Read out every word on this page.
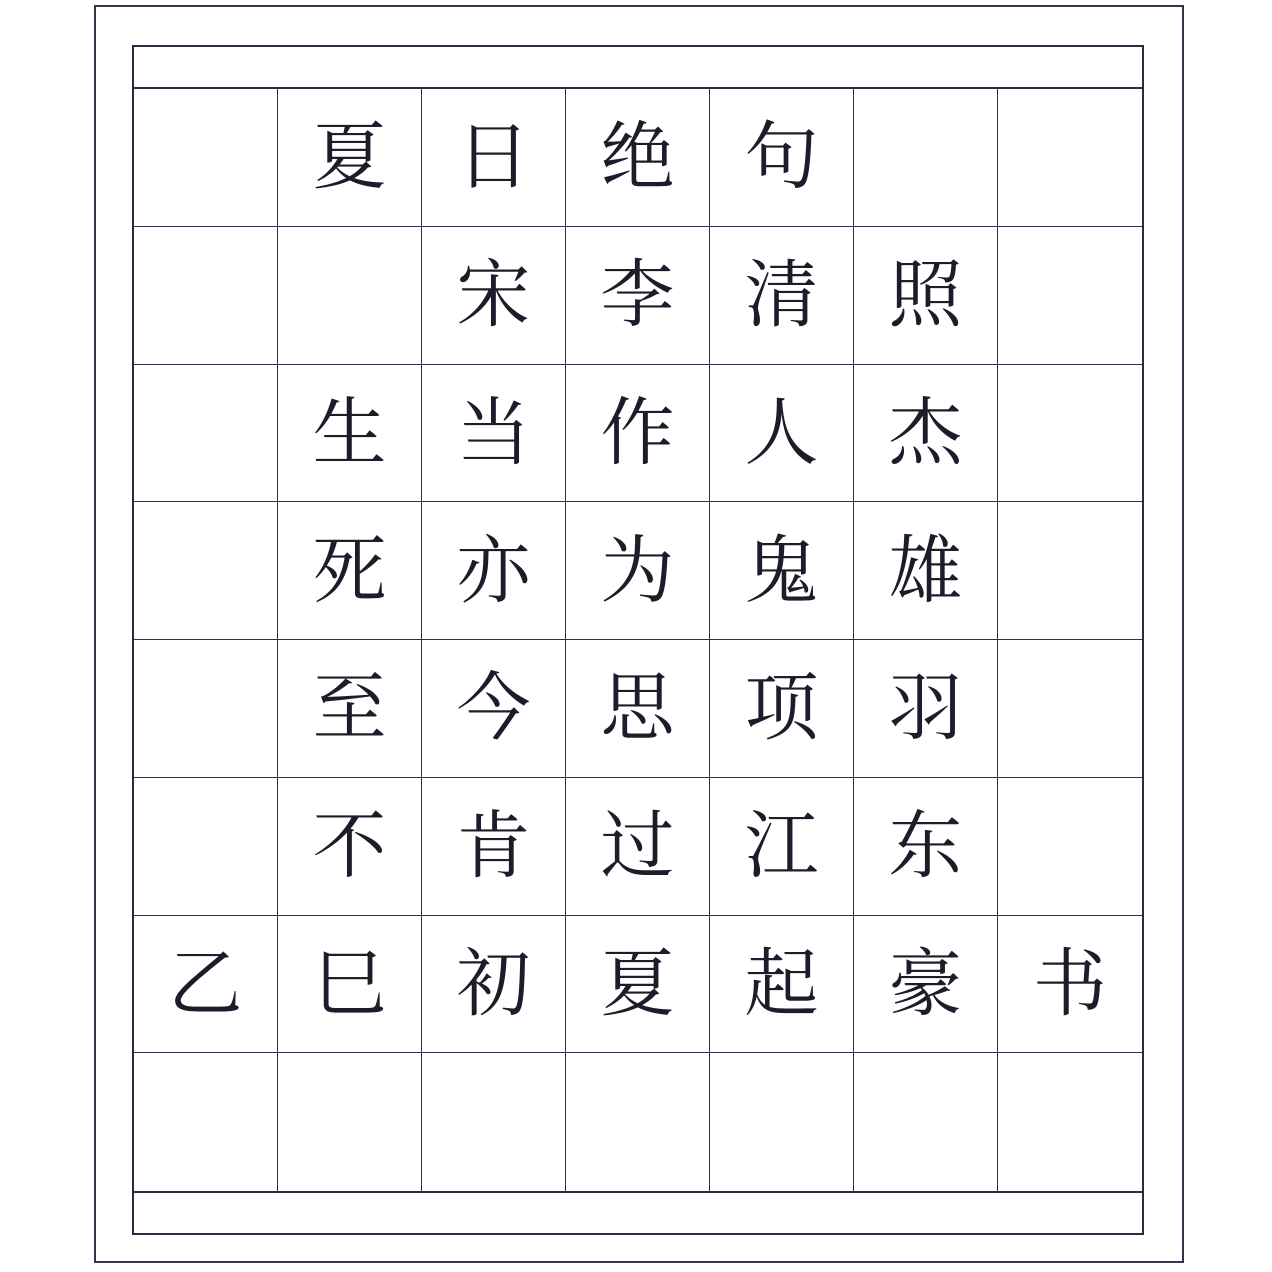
夏 日 绝 句
宋 李 清 照
生 当 作 人 杰
死 亦 为 鬼 雄
至 今 思 项 羽
不 肯 过 江 东
乙 巳 初 夏 起 豪 书
